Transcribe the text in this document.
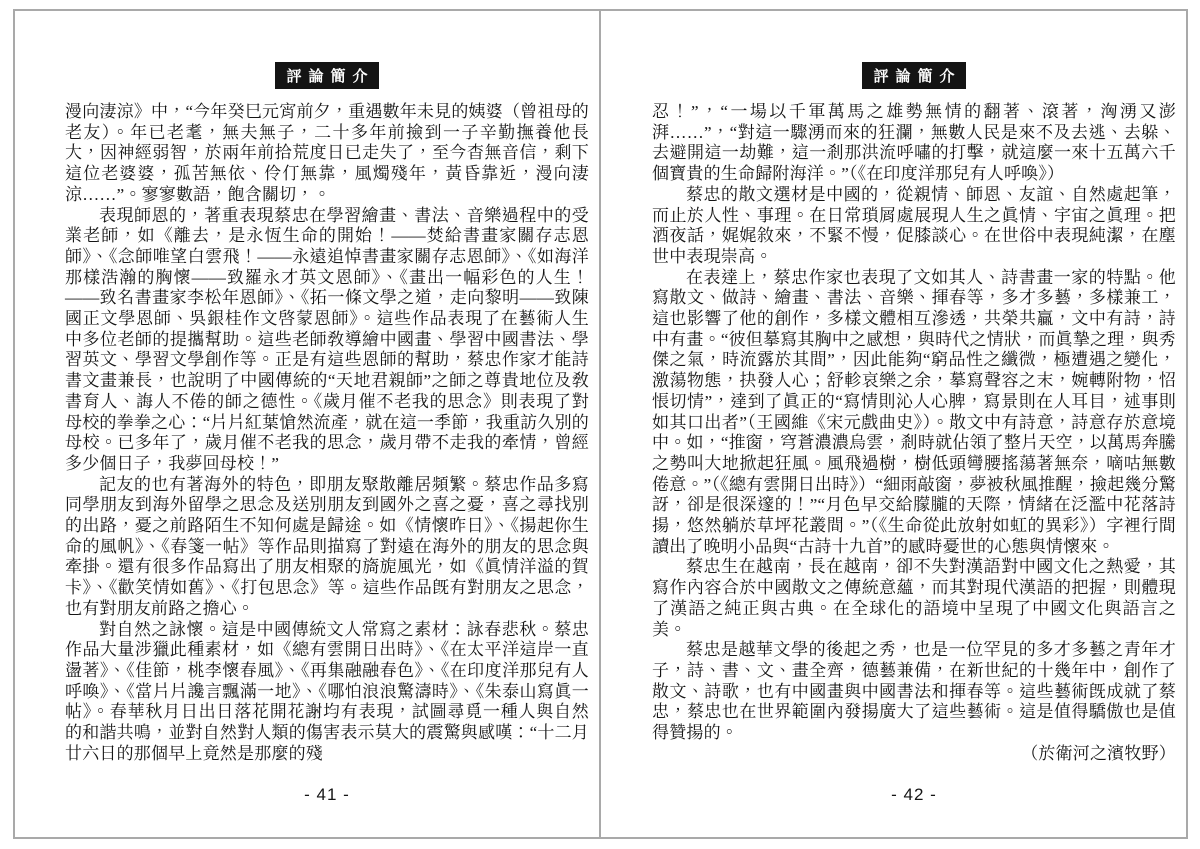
評論簡介

漫向淒涼》中，“今年癸巳元宵前夕，重遇數年未見的姨婆（曾祖母的老友）。年已老耄，無夫無子，二十多年前撿到一子辛勤撫養他長大，因神經弱智，於兩年前拾荒度日已走失了，至今杳無音信，剩下這位老婆婆，孤苦無依、伶仃無靠，風燭殘年，黃昏靠近，漫向淒涼……”。寥寥數語，飽含關切，。

表現師恩的，著重表現蔡忠在學習繪畫、書法、音樂過程中的受業老師，如《離去，是永恆生命的開始！——焚給書畫家關存志恩師》、《念師唯望白雲飛！——永遠追悼書畫家關存志恩師》、《如海洋那樣浩瀚的胸懷——致羅永才英文恩師》、《畫出一幅彩色的人生！——致名書畫家李松年恩師》、《拓一條文學之道，走向黎明——致陳國正文學恩師、吳銀桂作文啓蒙恩師》。這些作品表現了在藝術人生中多位老師的提攜幫助。這些老師敎導繪中國畫、學習中國書法、學習英文、學習文學創作等。正是有這些恩師的幫助，蔡忠作家才能詩書文畫兼長，也說明了中國傳統的“天地君親師”之師之尊貴地位及敎書育人、誨人不倦的師之德性。《歲月催不老我的思念》則表現了對母校的拳拳之心：“片片紅葉愴然流產，就在這一季節，我重訪久別的母校。已多年了，歲月催不老我的思念，歲月帶不走我的牽情，曾經多少個日子，我夢回母校！”

記友的也有著海外的特色，即朋友聚散離居頻繁。蔡忠作品多寫同學朋友到海外留學之思念及送別朋友到國外之喜之憂，喜之尋找別的出路，憂之前路陌生不知何處是歸途。如《情懷昨日》、《揚起你生命的風帆》、《春箋一帖》等作品則描寫了對遠在海外的朋友的思念與牽掛。還有很多作品寫出了朋友相聚的旖旎風光，如《眞情洋溢的賀卡》、《歡笑情如舊》、《打包思念》等。這些作品旣有對朋友之思念，也有對朋友前路之擔心。

對自然之詠懷。這是中國傳統文人常寫之素材：詠春悲秋。蔡忠作品大量涉獵此種素材，如《總有雲開日出時》、《在太平洋這岸一直盪著》、《佳節，桃李懷春風》、《再集融融春色》、《在印度洋那兒有人呼喚》、《當片片讒言飄滿一地》、《哪怕浪浪驚濤時》、《朱泰山寫眞一帖》。春華秋月日出日落花開花謝均有表現，試圖尋覓一種人與自然的和諧共鳴，並對自然對人類的傷害表示莫大的震驚與感嘆：“十二月廿六日的那個早上竟然是那麼的殘

- 41 -
評論簡介

忍！”，“一場以千軍萬馬之雄勢無情的翻著、滾著，洶湧又澎湃……”，“對這一驟湧而來的狂瀾，無數人民是來不及去逃、去躲、去避開這一劫難，這一剎那洪流呼嘯的打擊，就這麼一來十五萬六千個寶貴的生命歸附海洋。”（《在印度洋那兒有人呼喚》）

蔡忠的散文選材是中國的，從親情、師恩、友誼、自然處起筆，而止於人性、事理。在日常瑣屑處展現人生之眞情、宇宙之眞理。把酒夜話，娓娓敘來，不緊不慢，促膝談心。在世俗中表現純潔，在塵世中表現崇高。

在表達上，蔡忠作家也表現了文如其人、詩書畫一家的特點。他寫散文、做詩、繪畫、書法、音樂、揮春等，多才多藝，多樣兼工，這也影響了他的創作，多樣文體相互滲透，共榮共贏，文中有詩，詩中有畫。“彼但摹寫其胸中之感想，與時代之情狀，而眞摯之理，與秀傑之氣，時流露於其間”，因此能夠“窮品性之纖微，極遭遇之變化，激蕩物態，抉發人心；舒軫哀樂之余，摹寫聲容之末，婉轉附物，怊悵切情”，達到了眞正的“寫情則沁人心脾，寫景則在人耳目，述事則如其口出者”（王國維《宋元戲曲史》）。散文中有詩意，詩意存於意境中。如，“推窗，穹蒼濃濃烏雲，剎時就佔領了整片天空，以萬馬奔騰之勢叫大地掀起狂風。風飛過樹，樹低頭彎腰搖蕩著無奈，嘀咕無數倦意。”（《總有雲開日出時》）“細雨敲窗，夢被秋風推醒，撿起幾分驚訝，卻是很深邃的！”“月色早交給朦朧的天際，情緒在泛濫中花落詩揚，悠然躺於草坪花叢間。”（《生命從此放射如虹的異彩》）字裡行間讀出了晚明小品與“古詩十九首”的感時憂世的心態與情懷來。

蔡忠生在越南，長在越南，卻不失對漢語對中國文化之熱愛，其寫作內容合於中國散文之傳統意蘊，而其對現代漢語的把握，則體現了漢語之純正與古典。在全球化的語境中呈現了中國文化與語言之美。

蔡忠是越華文學的後起之秀，也是一位罕見的多才多藝之青年才子，詩、書、文、畫全齊，德藝兼備，在新世紀的十幾年中，創作了散文、詩歌，也有中國畫與中國書法和揮春等。這些藝術旣成就了蔡忠，蔡忠也在世界範圍內發揚廣大了這些藝術。這是值得驕傲也是值得贊揚的。

（於衛河之濱牧野）

- 42 -
